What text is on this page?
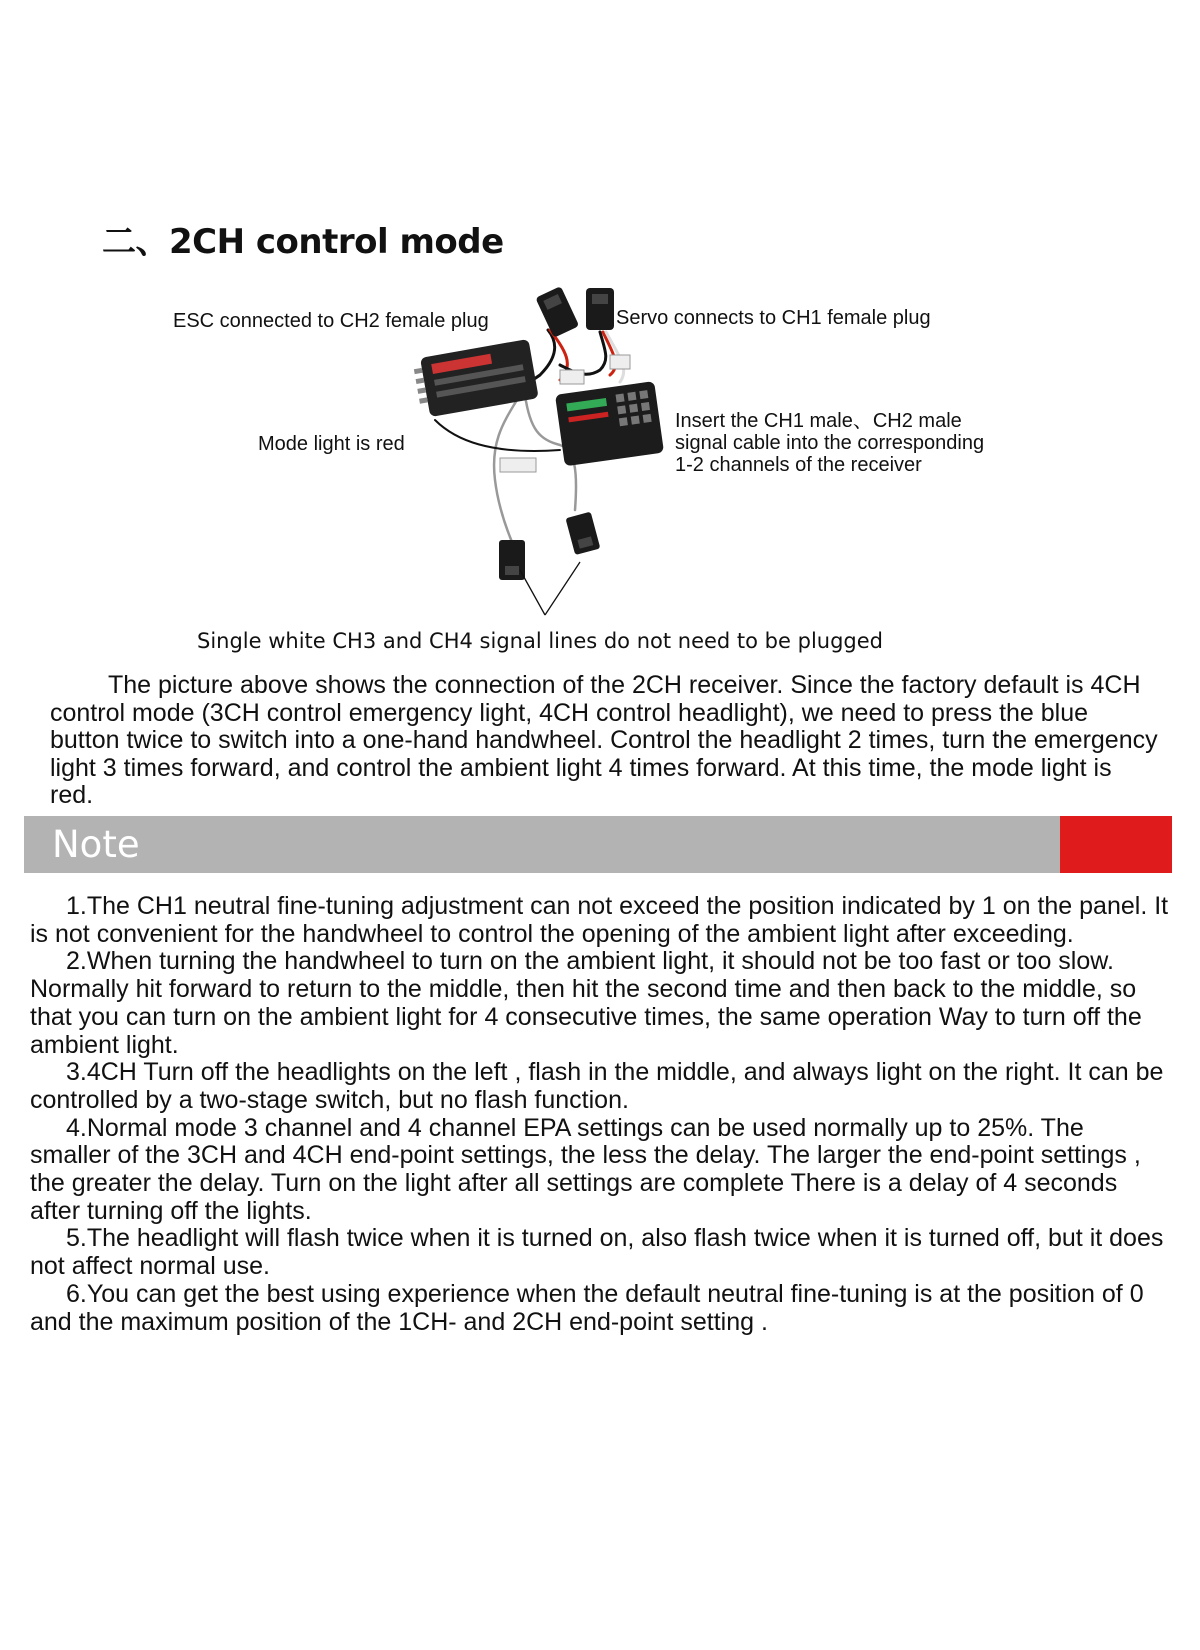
二、2CH control mode
ESC connected to CH2 female plug	Servo connects to CH1 female plug
Insert the CH1 male、CH2 male
signal cable into the corresponding
1-2 channels of the receiver
Mode light is red
Single white CH3 and CH4 signal lines do not need to be plugged

The picture above shows the connection of the 2CH receiver. Since the factory default is 4CH control mode (3CH control emergency light, 4CH control headlight), we need to press the blue button twice to switch into a one-hand handwheel. Control the headlight 2 times, turn the emergency light 3 times forward, and control the ambient light 4 times forward. At this time, the mode light is red.

Note

1.The CH1 neutral fine-tuning adjustment can not exceed the position indicated by 1 on the panel. It is not convenient for the handwheel to control the opening of the ambient light after exceeding.

2.When turning the handwheel to turn on the ambient light, it should not be too fast or too slow. Normally hit forward to return to the middle, then hit the second time and then back to the middle, so that you can turn on the ambient light for 4 consecutive times, the same operation Way to turn off the ambient light.

3.4CH Turn off the headlights on the left , flash in the middle, and always light on the right. It can be controlled by a two-stage switch, but no flash function.

4.Normal mode 3 channel and 4 channel EPA settings can be used normally up to 25%. The smaller of the 3CH and 4CH end-point settings, the less the delay. The larger the end-point settings , the greater the delay. Turn on the light after all settings are complete There is a delay of 4 seconds after turning off the lights.

5.The headlight will flash twice when it is turned on, also flash twice when it is turned off, but it does not affect normal use.

6.You can get the best using experience when the default neutral fine-tuning is at the position of 0 and the maximum position of the 1CH- and 2CH end-point setting .
